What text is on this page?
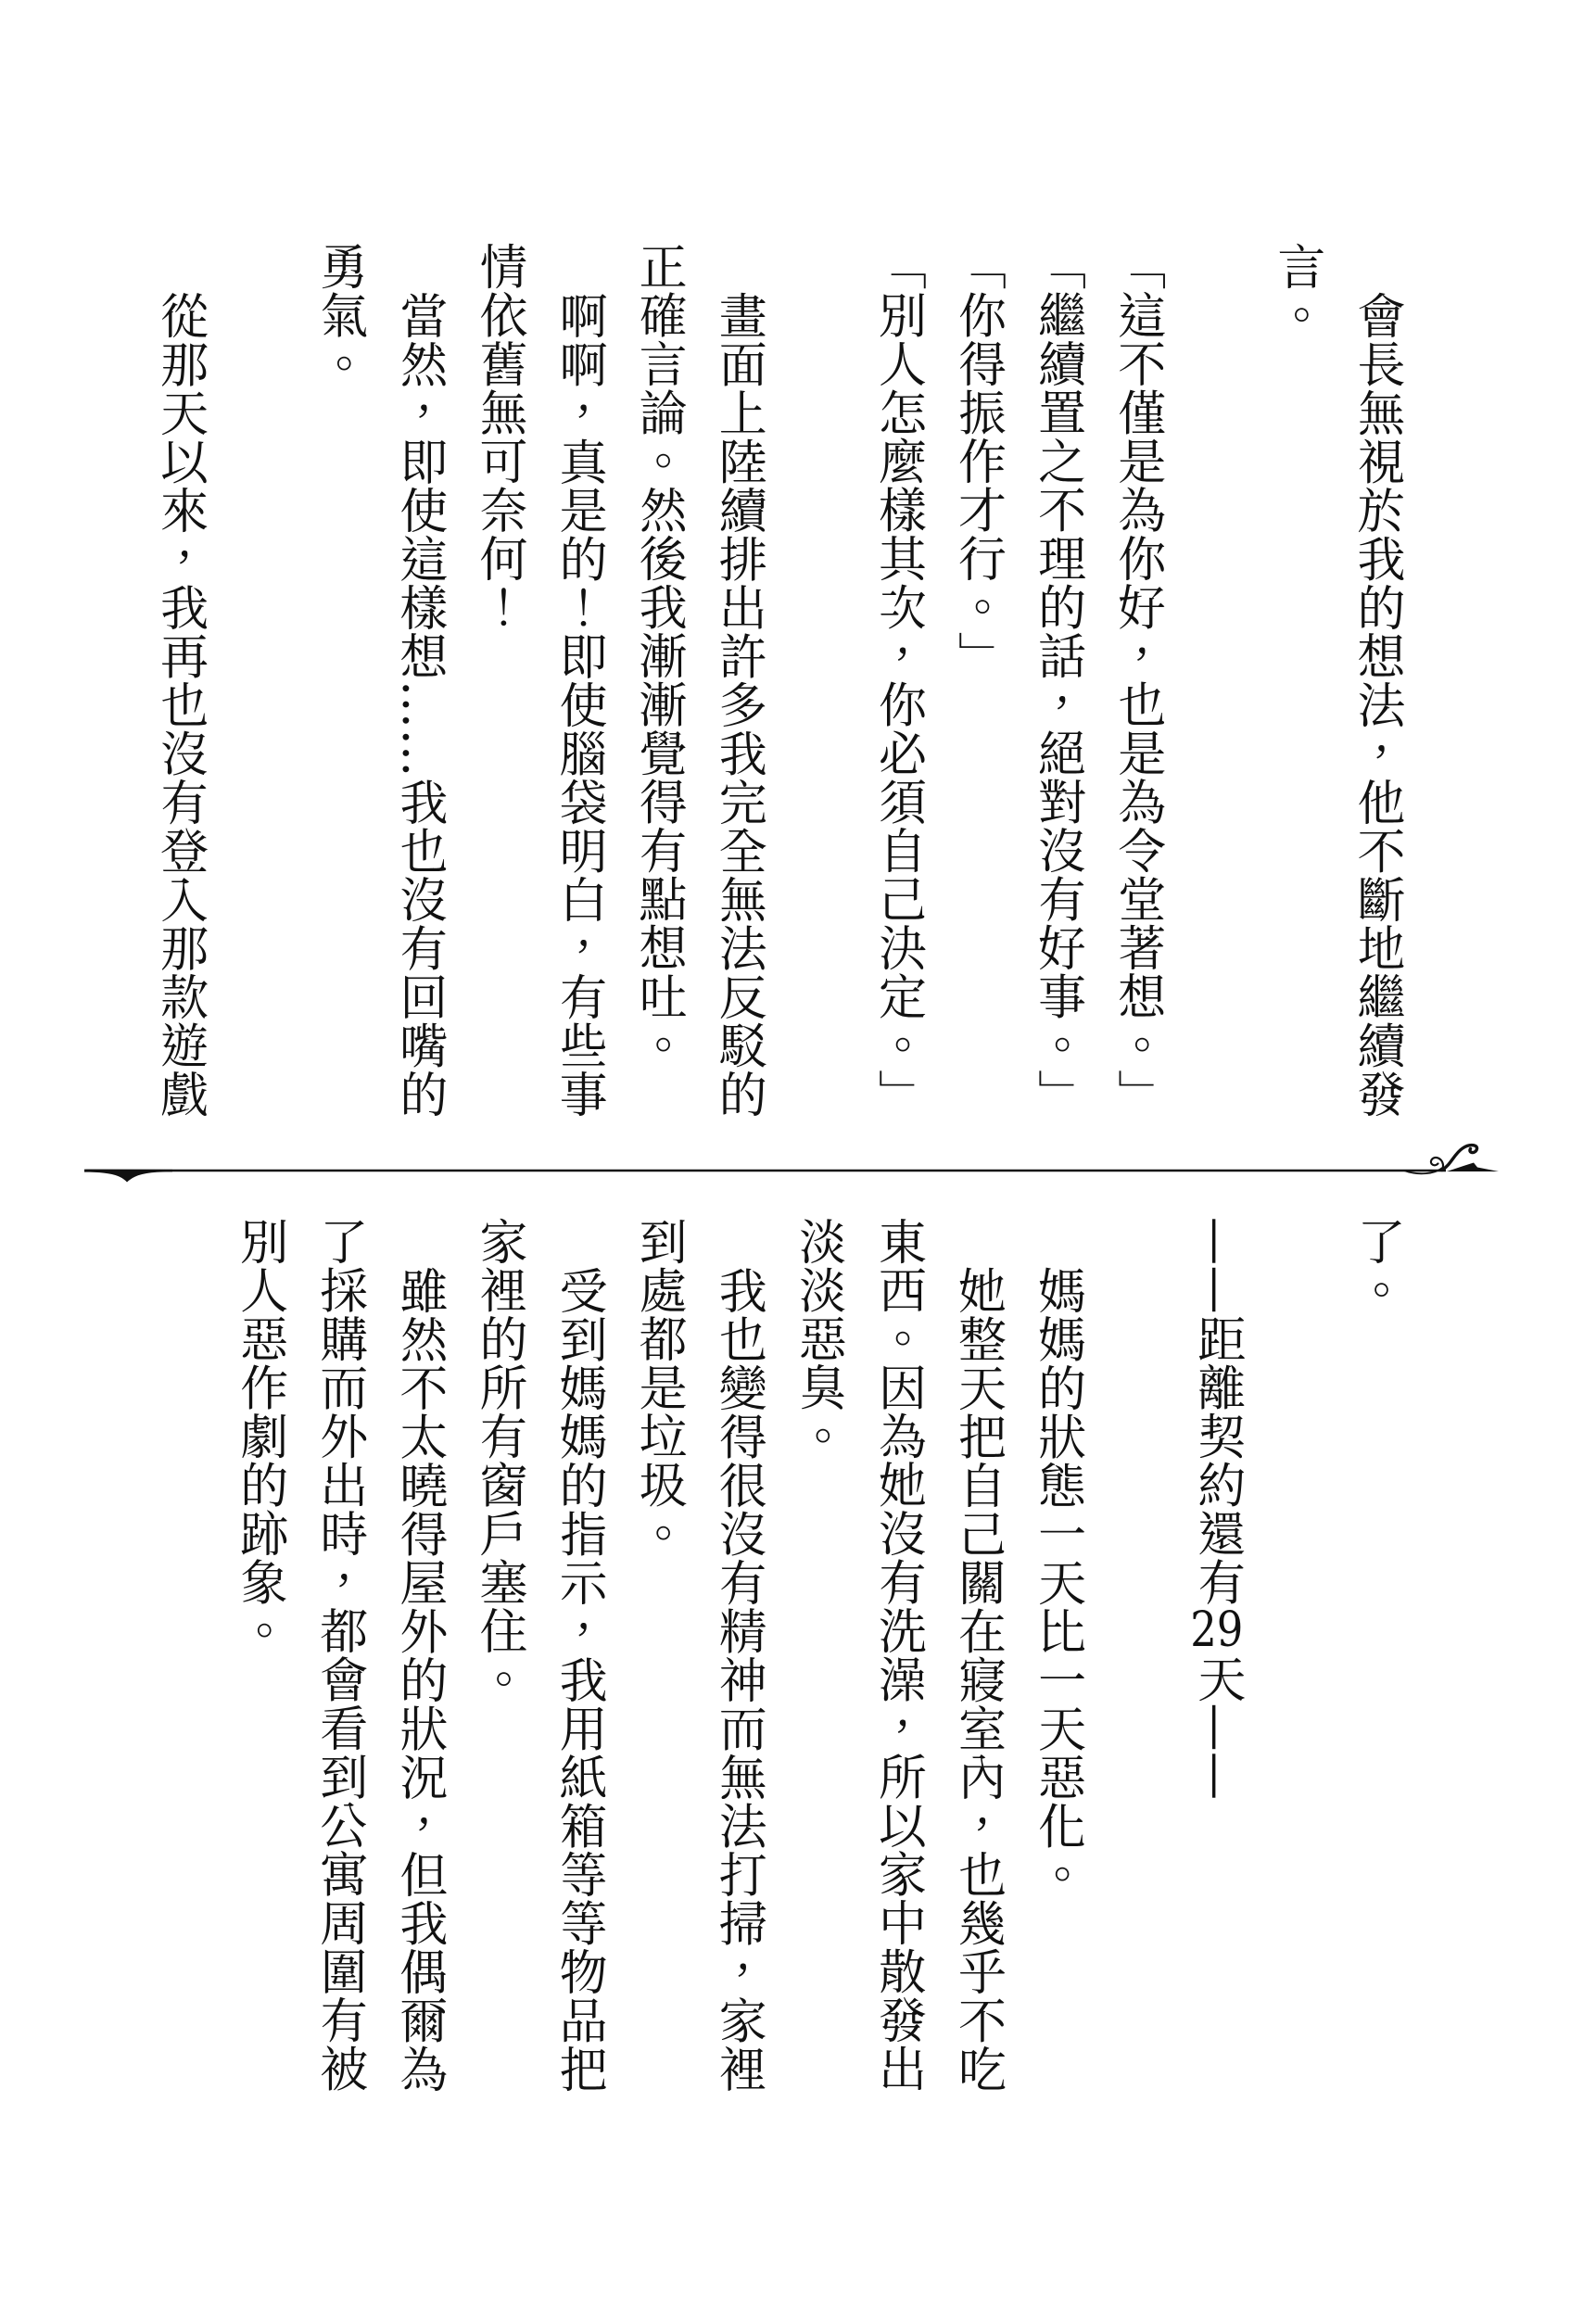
會長無視於我的想法，他不斷地繼續發
言。
「這不僅是為你好，也是為令堂著想。」
「繼續置之不理的話，絕對沒有好事。」
「你得振作才行。」
「別人怎麼樣其次，你必須自己決定。」
畫面上陸續排出許多我完全無法反駁的
正確言論。然後我漸漸覺得有點想吐。
啊啊，真是的！即使腦袋明白，有些事
情依舊無可奈何！
當然，即使這樣想……我也沒有回嘴的
勇氣。
從那天以來，我再也沒有登入那款遊戲
了。
——距離契約還有29天——
媽媽的狀態一天比一天惡化。
她整天把自己關在寢室內，也幾乎不吃
東西。因為她沒有洗澡，所以家中散發出
淡淡惡臭。
我也變得很沒有精神而無法打掃，家裡
到處都是垃圾。
受到媽媽的指示，我用紙箱等等物品把
家裡的所有窗戶塞住。
雖然不太曉得屋外的狀況，但我偶爾為
了採購而外出時，都會看到公寓周圍有被
別人惡作劇的跡象。
